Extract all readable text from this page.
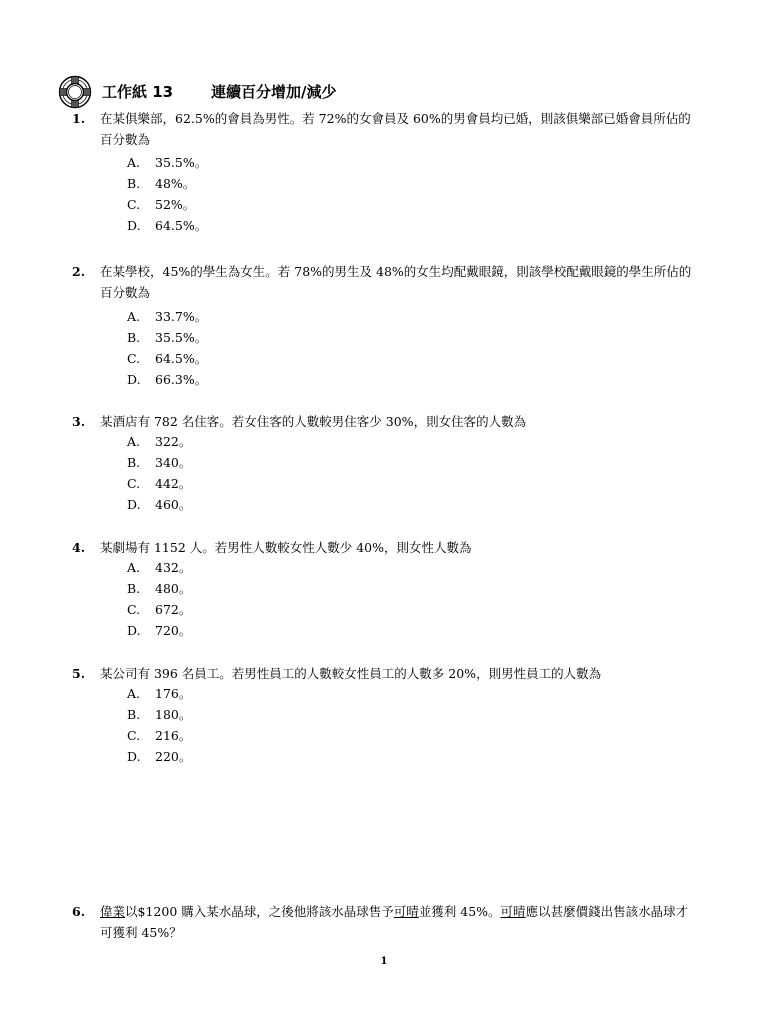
工作紙 13	連續百分增加/減少
1. 在某俱樂部，62.5%的會員為男性。若 72%的女會員及 60%的男會員均已婚，則該俱樂部已婚會員所佔的百分數為
A. 35.5%。
B. 48%。
C. 52%。
D. 64.5%。
2. 在某學校，45%的學生為女生。若 78%的男生及 48%的女生均配戴眼鏡，則該學校配戴眼鏡的學生所佔的百分數為
A. 33.7%。
B. 35.5%。
C. 64.5%。
D. 66.3%。
3. 某酒店有 782 名住客。若女住客的人數較男住客少 30%，則女住客的人數為
A. 322。
B. 340。
C. 442。
D. 460。
4. 某劇場有 1152 人。若男性人數較女性人數少 40%，則女性人數為
A. 432。
B. 480。
C. 672。
D. 720。
5. 某公司有 396 名員工。若男性員工的人數較女性員工的人數多 20%，則男性員工的人數為
A. 176。
B. 180。
C. 216。
D. 220。
6. 偉業以$1200 購入某水晶球，之後他將該水晶球售予可晴並獲利 45%。可晴應以甚麼價錢出售該水晶球才可獲利 45%？
1
